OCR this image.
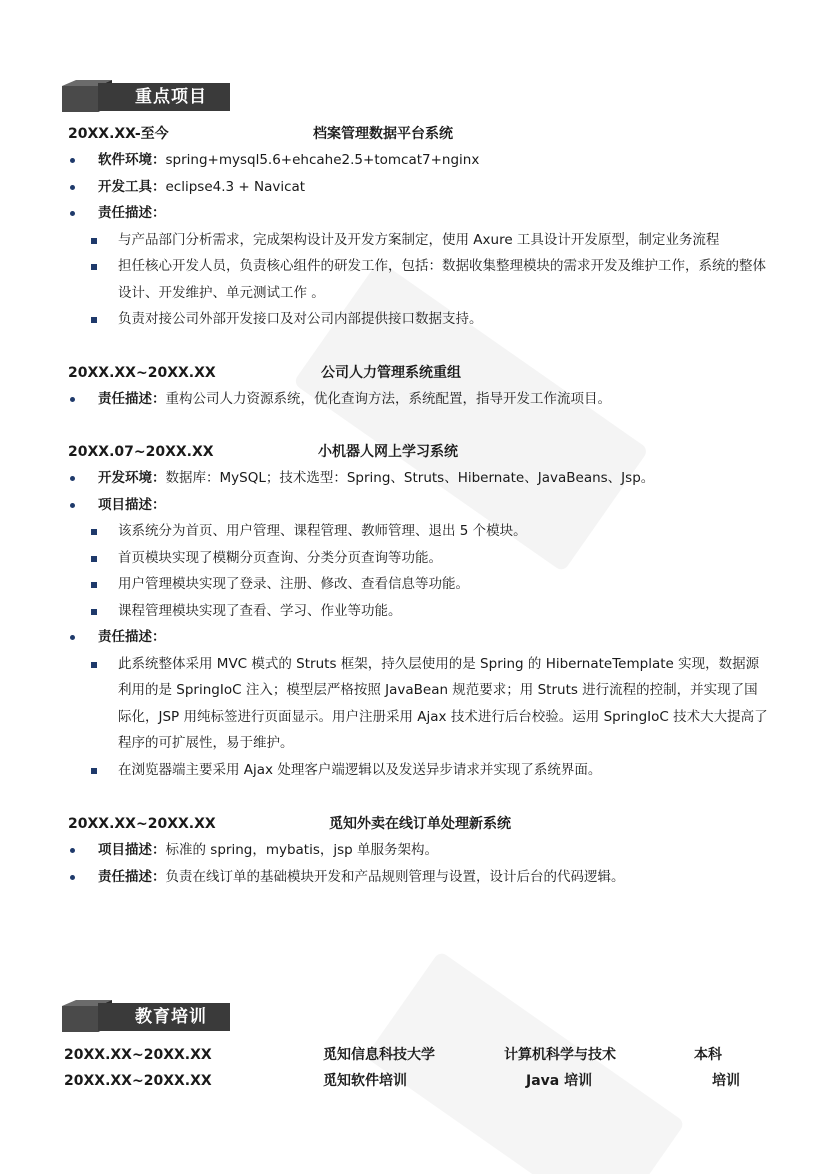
重点项目
20XX.XX-至今	档案管理数据平台系统
软件环境：spring+mysql5.6+ehcahe2.5+tomcat7+nginx
开发工具：eclipse4.3 + Navicat
责任描述：
与产品部门分析需求，完成架构设计及开发方案制定，使用 Axure 工具设计开发原型，制定业务流程
担任核心开发人员，负责核心组件的研发工作，包括：数据收集整理模块的需求开发及维护工作，系统的整体设计、开发维护、单元测试工作 。
负责对接公司外部开发接口及对公司内部提供接口数据支持。
20XX.XX~20XX.XX	公司人力管理系统重组
责任描述：重构公司人力资源系统，优化查询方法，系统配置，指导开发工作流项目。
20XX.07~20XX.XX	小机器人网上学习系统
开发环境：数据库：MySQL；技术选型：Spring、Struts、Hibernate、JavaBeans、Jsp。
项目描述：
该系统分为首页、用户管理、课程管理、教师管理、退出 5 个模块。
首页模块实现了模糊分页查询、分类分页查询等功能。
用户管理模块实现了登录、注册、修改、查看信息等功能。
课程管理模块实现了查看、学习、作业等功能。
责任描述：
此系统整体采用 MVC 模式的 Struts 框架，持久层使用的是 Spring 的 HibernateTemplate 实现，数据源利用的是 SpringIoC 注入；模型层严格按照 JavaBean 规范要求；用 Struts 进行流程的控制，并实现了国际化，JSP 用纯标签进行页面显示。用户注册采用 Ajax 技术进行后台校验。运用 SpringIoC 技术大大提高了程序的可扩展性，易于维护。
在浏览器端主要采用 Ajax 处理客户端逻辑以及发送异步请求并实现了系统界面。
20XX.XX~20XX.XX	觅知外卖在线订单处理新系统
项目描述：标准的 spring，mybatis，jsp 单服务架构。
责任描述：负责在线订单的基础模块开发和产品规则管理与设置，设计后台的代码逻辑。
教育培训
20XX.XX~20XX.XX	觅知信息科技大学	计算机科学与技术	本科
20XX.XX~20XX.XX	觅知软件培训	Java 培训	培训
